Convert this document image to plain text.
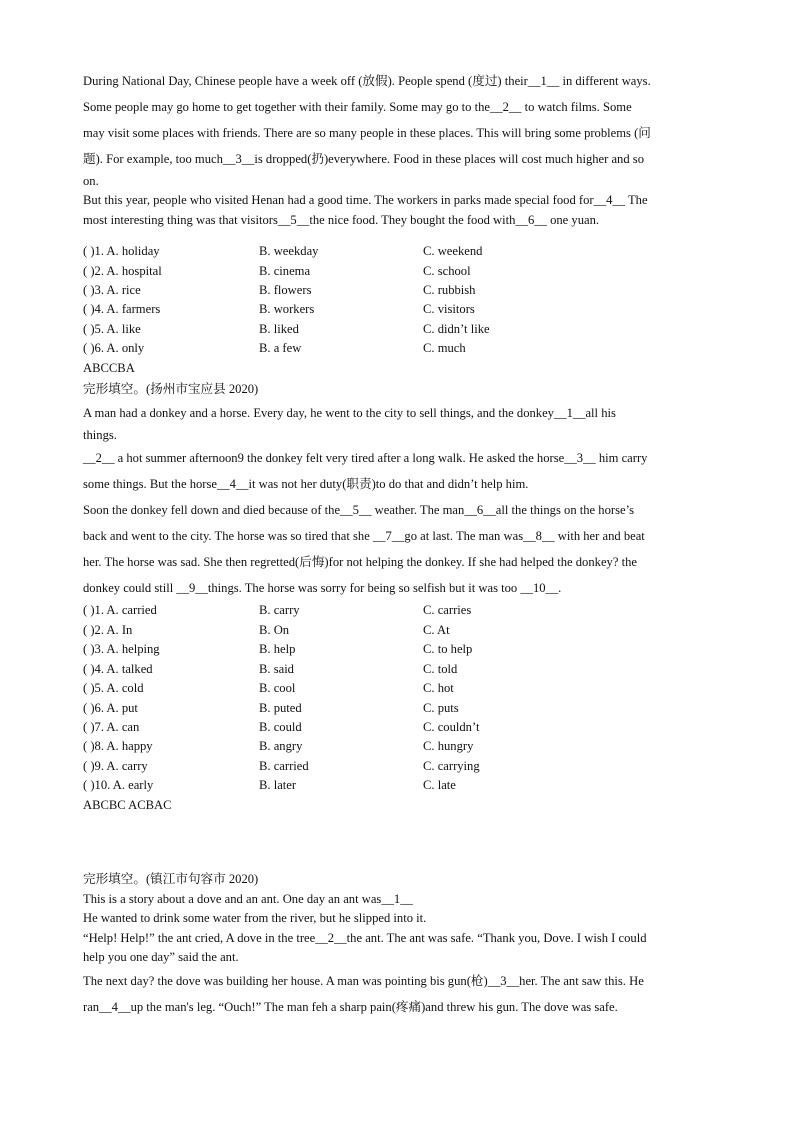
During National Day, Chinese people have a week off (放假). People spend (度过) their__1__ in different ways.
Some people may go home to get together with their family. Some may go to the__2__ to watch films. Some
may visit some places with friends. There are so many people in these places. This will bring some problems (问
题). For example, too much__3__is dropped(扔)everywhere. Food in these places will cost much higher and so
on.
But this year, people who visited Henan had a good time. The workers in parks made special food for__4__ The
most interesting thing was that visitors__5__the nice food. They bought the food with__6__ one yuan.
( )1. A. holiday	B. weekday	C. weekend
( )2. A. hospital	B. cinema	C. school
( )3. A. rice	B. flowers	C. rubbish
( )4. A. farmers	B. workers	C. visitors
( )5. A. like	B. liked	C. didn’t like
( )6. A. only	B. a few	C. much
ABCCBA
完形填空。(扬州市宝应县 2020)
A man had a donkey and a horse. Every day, he went to the city to sell things, and the donkey__1__all his
things.
__2__ a hot summer afternoon9 the donkey felt very tired after a long walk. He asked the horse__3__ him carry
some things. But the horse__4__it was not her duty(职责)to do that and didn’t help him.
Soon the donkey fell down and died because of the__5__ weather. The man__6__all the things on the horse’s
back and went to the city. The horse was so tired that she __7__go at last. The man was__8__ with her and beat
her. The horse was sad. She then regretted(后悔)for not helping the donkey. If she had helped the donkey? the
donkey could still __9__things. The horse was sorry for being so selfish but it was too __10__.
( )1. A. carried	B. carry	C. carries
( )2. A. In	B. On	C. At
( )3. A. helping	B. help	C. to help
( )4. A. talked	B. said	C. told
( )5. A. cold	B. cool	C. hot
( )6. A. put	B. puted	C. puts
( )7. A. can	B. could	C. couldn’t
( )8. A. happy	B. angry	C. hungry
( )9. A. carry	B. carried	C. carrying
( )10. A. early	B. later	C. late
ABCBC ACBAC
完形填空。(镇江市句容市 2020)
This is a story about a dove and an ant. One day an ant was__1__
He wanted to drink some water from the river, but he slipped into it.
“Help! Help!” the ant cried, A dove in the tree__2__the ant. The ant was safe. “Thank you, Dove. I wish I could
help you one day” said the ant.
The next day? the dove was building her house. A man was pointing bis gun(枪)__3__her. The ant saw this. He
ran__4__up the man's leg. “Ouch!” The man feh a sharp pain(疼痛)and threw his gun. The dove was safe.
